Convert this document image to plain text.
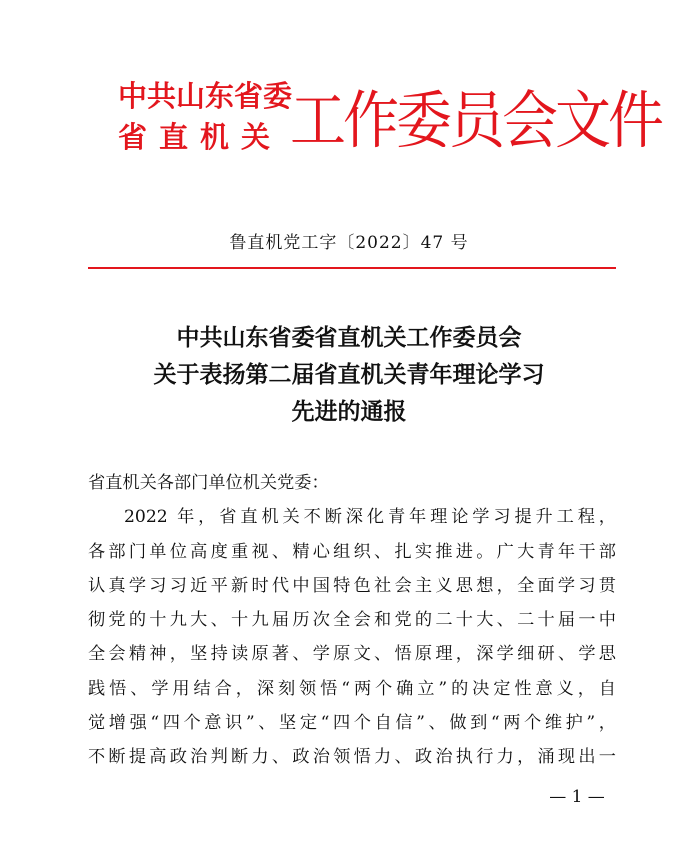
中共山东省委
省直机关 工作委员会文件
鲁直机党工字〔2022〕47 号
中共山东省委省直机关工作委员会
关于表扬第二届省直机关青年理论学习
先进的通报
省直机关各部门单位机关党委：
2022 年，省直机关不断深化青年理论学习提升工程，
各部门单位高度重视、精心组织、扎实推进。广大青年干部
认真学习习近平新时代中国特色社会主义思想，全面学习贯
彻党的十九大、十九届历次全会和党的二十大、二十届一中
全会精神，坚持读原著、学原文、悟原理，深学细研、学思
践悟、学用结合，深刻领悟“两个确立”的决定性意义，自
觉增强“四个意识”、坚定“四个自信”、做到“两个维护”，
不断提高政治判断力、政治领悟力、政治执行力，涌现出一
— 1 —
